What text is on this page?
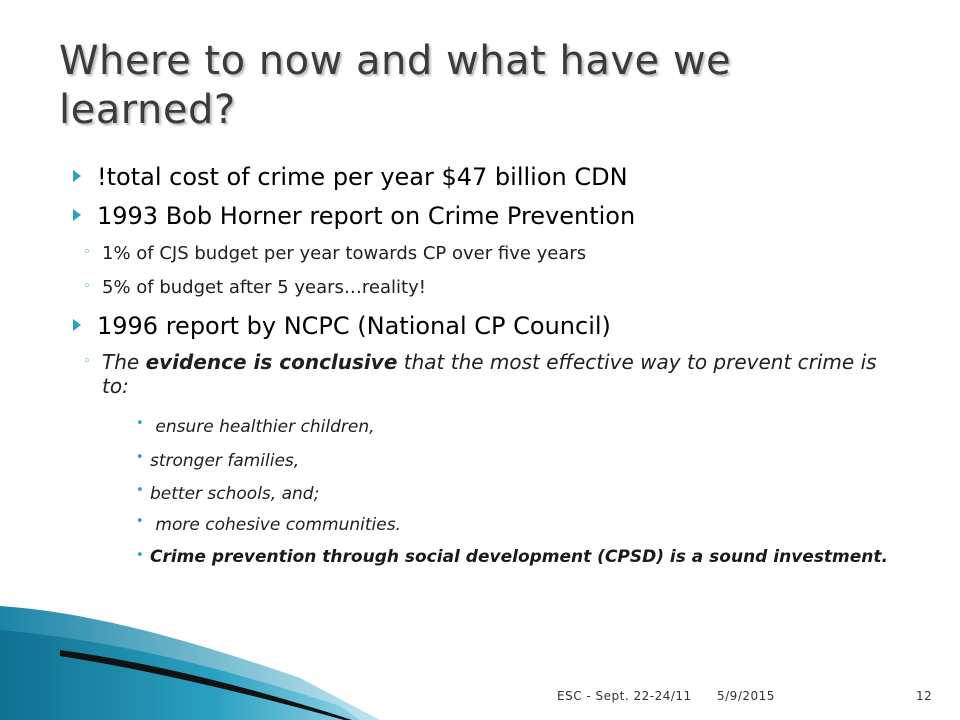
Where to now and what have we learned?
!total cost of crime per year $47 billion CDN
1993 Bob Horner report on Crime Prevention
◦ 1% of CJS budget per year towards CP over five years
◦ 5% of budget after 5 years…reality!
1996 report by NCPC (National CP Council)
◦ The evidence is conclusive that the most effective way to prevent crime is to:
• ensure healthier children,
• stronger families,
• better schools, and;
• more cohesive communities.
• Crime prevention through social development (CPSD) is a sound investment.
ESC - Sept. 22-24/11 5/9/2015	12
